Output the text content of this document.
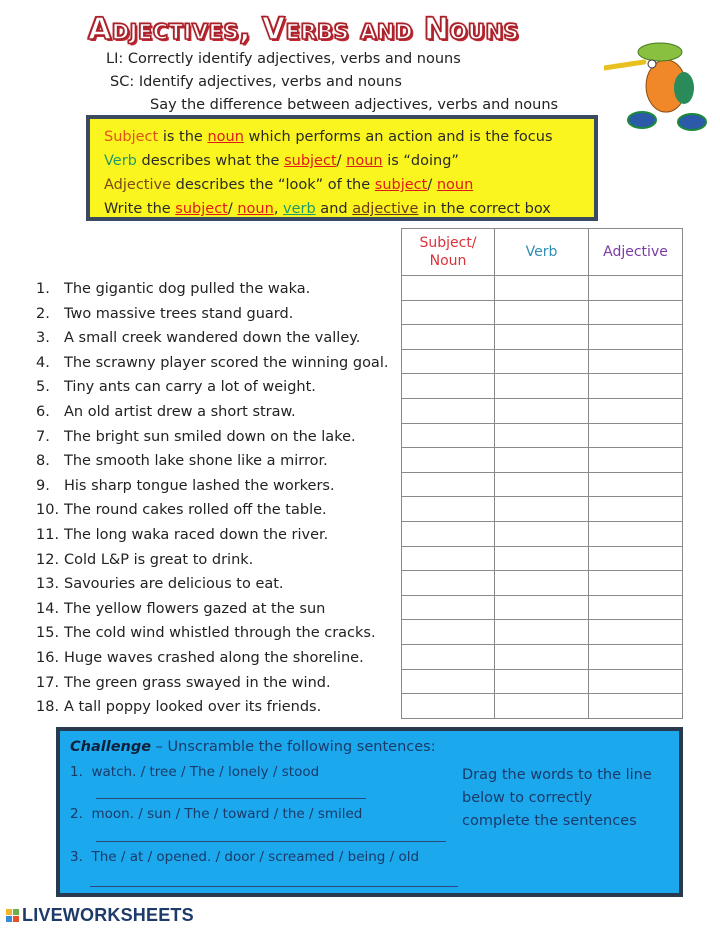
Adjectives, Verbs and Nouns
LI: Correctly identify adjectives, verbs and nouns
SC: Identify adjectives, verbs and nouns
Say the difference between adjectives, verbs and nouns
Subject is the noun which performs an action and is the focus
Verb describes what the subject/ noun is “doing”
Adjective describes the “look” of the subject/ noun
Write the subject/ noun, verb and adjective in the correct box
Subject/ Noun	Verb	Adjective

1. The gigantic dog pulled the waka.
2. Two massive trees stand guard.
3. A small creek wandered down the valley.
4. The scrawny player scored the winning goal.
5. Tiny ants can carry a lot of weight.
6. An old artist drew a short straw.
7. The bright sun smiled down on the lake.
8. The smooth lake shone like a mirror.
9. His sharp tongue lashed the workers.
10. The round cakes rolled off the table.
11. The long waka raced down the river.
12. Cold L&P is great to drink.
13. Savouries are delicious to eat.
14. The yellow flowers gazed at the sun
15. The cold wind whistled through the cracks.
16. Huge waves crashed along the shoreline.
17. The green grass swayed in the wind.
18. A tall poppy looked over its friends.
Challenge – Unscramble the following sentences:
1. watch. / tree / The / lonely / stood
2. moon. / sun / The / toward / the / smiled
3. The / at / opened. / door / screamed / being / old
Drag the words to the line below to correctly complete the sentences
LIVEWORKSHEETS
